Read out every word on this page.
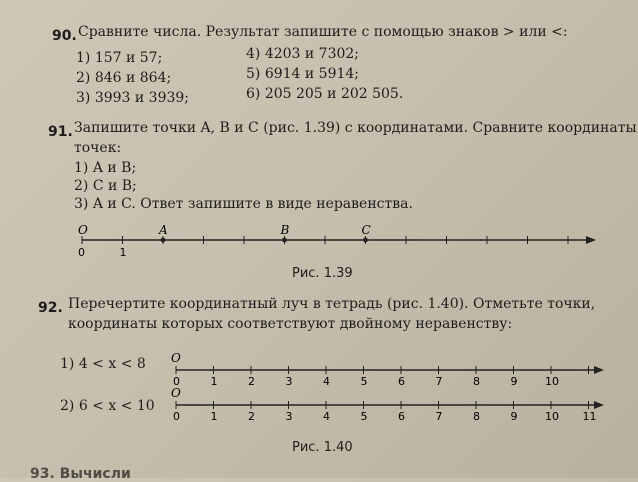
90. Сравните числа. Результат запишите с помощью знаков > или <:
1) 157 и 57;
2) 846 и 864;
3) 3993 и 3939;
4) 4203 и 7302;
5) 6914 и 5914;
6) 205 205 и 202 505.
91. Запишите точки A, B и C (рис. 1.39) с координатами. Сравните координаты
точек:
1) A и B;
2) C и B;
3) A и C. Ответ запишите в виде неравенства.
Рис. 1.39
92. Перечертите координатный луч в тетрадь (рис. 1.40). Отметьте точки,
координаты которых соответствуют двойному неравенству:
1) 4 < x < 8
2) 6 < x < 10
Рис. 1.40
93. Вычисли
O
0	1
A	B	C
O
0	1	2	3	4	5	6	7	8	9	10
O
0	1	2	3	4	5	6	7	8	9	10 11
